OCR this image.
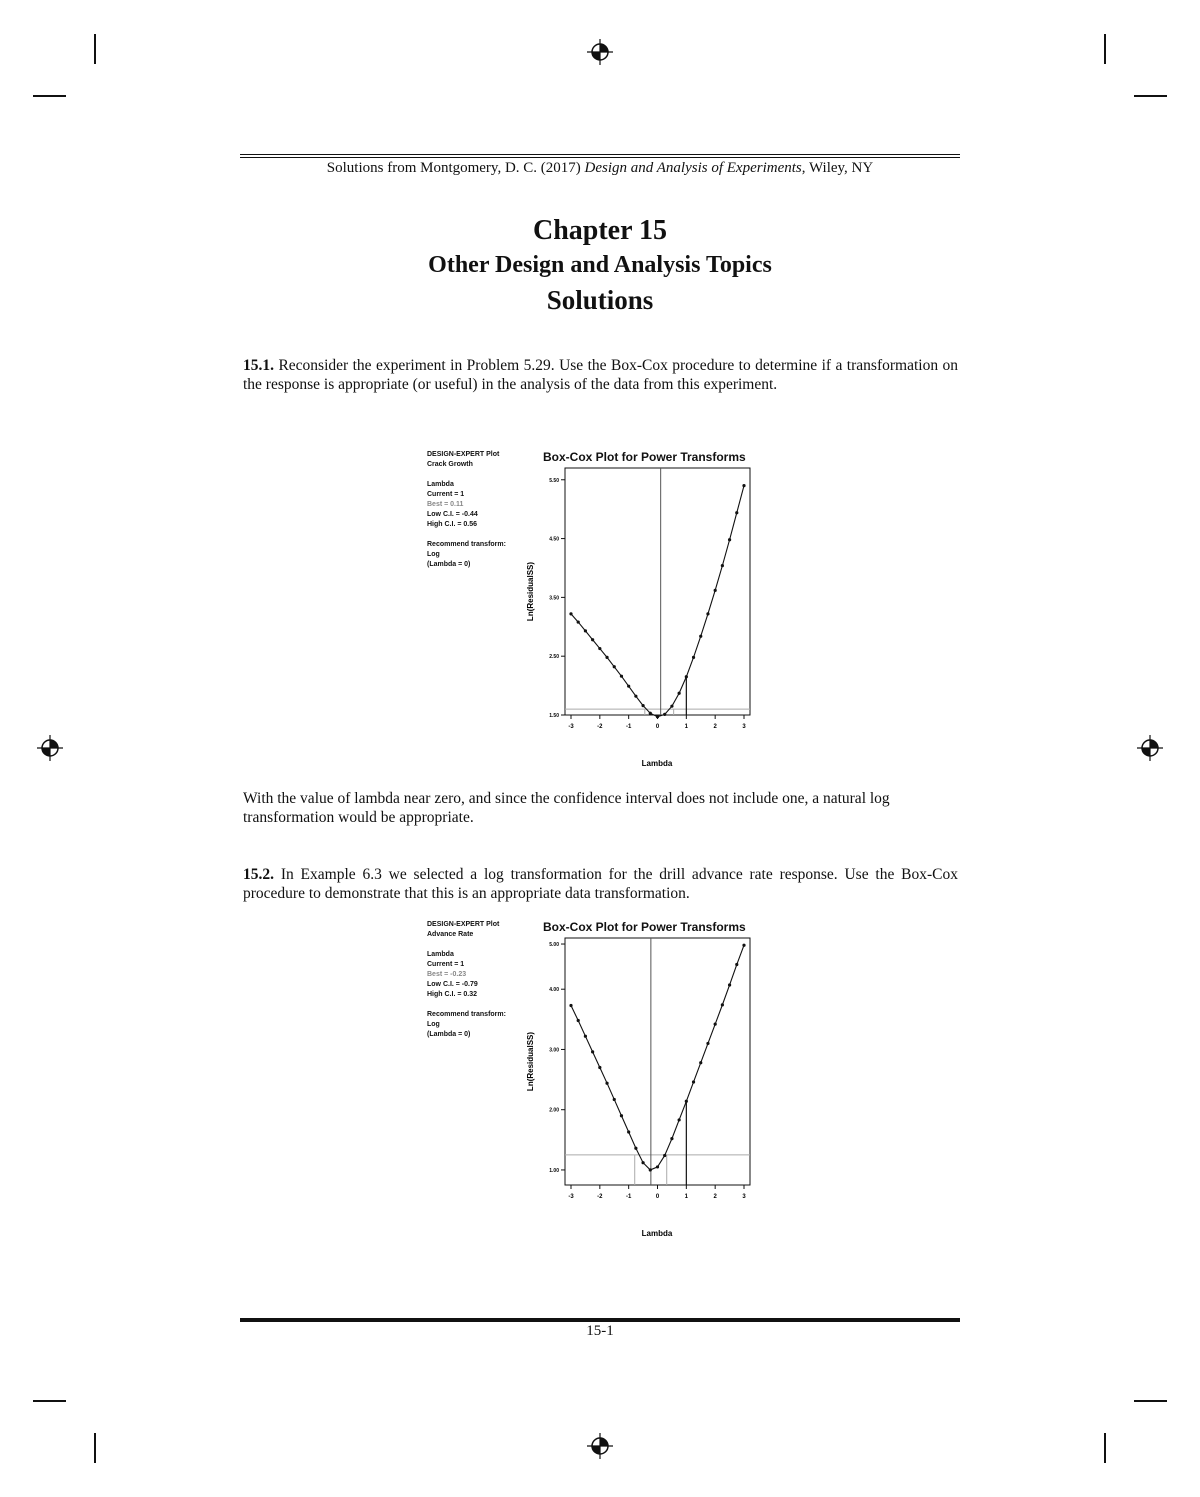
Solutions from Montgomery, D. C. (2017) Design and Analysis of Experiments, Wiley, NY
Chapter 15
Other Design and Analysis Topics
Solutions
15.1. Reconsider the experiment in Problem 5.29. Use the Box-Cox procedure to determine if a transformation on the response is appropriate (or useful) in the analysis of the data from this experiment.
DESIGN-EXPERT Plot
Crack Growth
Lambda
Current = 1
Best = 0.11
Low C.I. = -0.44
High C.I. = 0.56
Recommend transform:
Log
(Lambda = 0)
Box-Cox Plot for Power Transforms
1.50
2.50
3.50
4.50
5.50
-3	-2	-1	0	1	2	3
Lambda
Ln(ResidualSS)
With the value of lambda near zero, and since the confidence interval does not include one, a natural log transformation would be appropriate.
15.2. In Example 6.3 we selected a log transformation for the drill advance rate response. Use the Box-Cox procedure to demonstrate that this is an appropriate data transformation.
DESIGN-EXPERT Plot
Advance Rate
Lambda
Current = 1
Best = -0.23
Low C.I. = -0.79
High C.I. = 0.32
Recommend transform:
Log
(Lambda = 0)
Box-Cox Plot for Power Transforms
1.00
2.00
3.00
4.00
5.00
-3	-2	-1	0	1	2	3
Lambda
Ln(ResidualSS)
15-1
